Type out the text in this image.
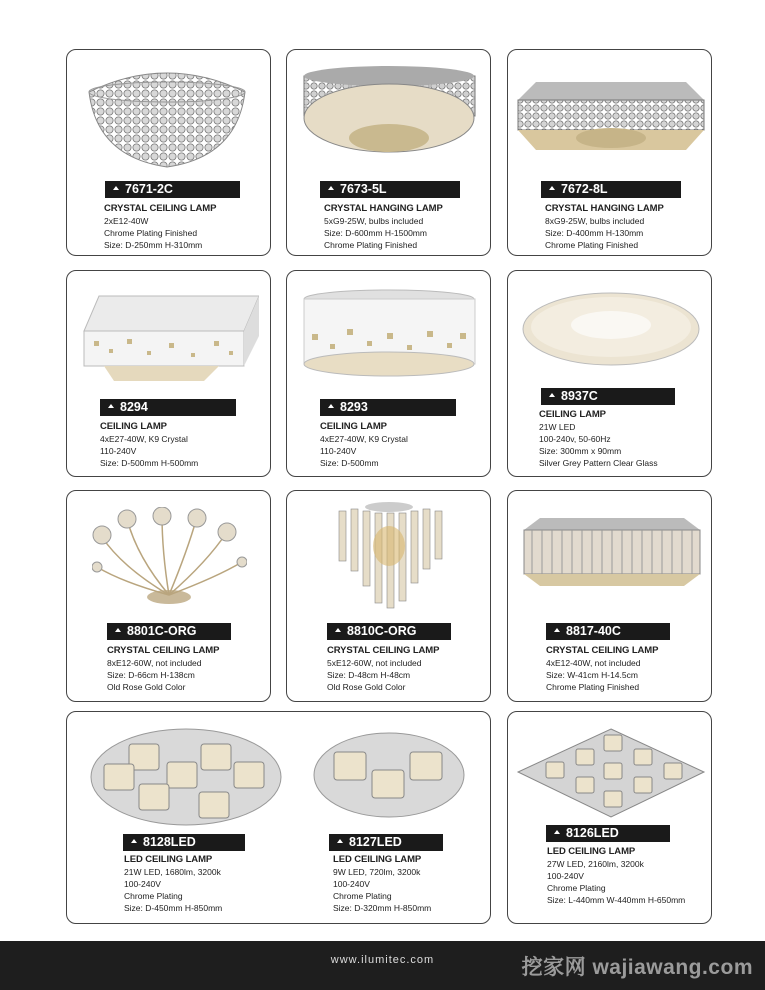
7671-2C
CRYSTAL CEILING LAMP
2xE12-40W
Chrome Plating Finished
Size: D-250mm H-310mm
7673-5L
CRYSTAL HANGING LAMP
5xG9-25W, bulbs included
Size: D-600mm H-1500mm
Chrome Plating Finished
7672-8L
CRYSTAL HANGING LAMP
8xG9-25W, bulbs included
Size: D-400mm H-130mm
Chrome Plating Finished
8294
CEILING LAMP
4xE27-40W, K9 Crystal
110-240V
Size: D-500mm H-500mm
8293
CEILING LAMP
4xE27-40W, K9 Crystal
110-240V
Size: D-500mm
8937C
CEILING LAMP
21W LED
100-240v, 50-60Hz
Size: 300mm x 90mm
Silver Grey Pattern Clear Glass
8801C-ORG
CRYSTAL CEILING LAMP
8xE12-60W, not included
Size: D-66cm H-138cm
Old Rose Gold Color
8810C-ORG
CRYSTAL CEILING LAMP
5xE12-60W, not included
Size: D-48cm H-48cm
Old Rose Gold Color
8817-40C
CRYSTAL CEILING LAMP
4xE12-40W, not included
Size: W-41cm H-14.5cm
Chrome Plating Finished
8128LED
LED CEILING LAMP
21W LED, 1680lm, 3200k
100-240V
Chrome Plating
Size: D-450mm H-850mm
8127LED
LED CEILING LAMP
9W LED, 720lm, 3200k
100-240V
Chrome Plating
Size: D-320mm H-850mm
8126LED
LED CEILING LAMP
27W LED, 2160lm, 3200k
100-240V
Chrome Plating
Size: L-440mm W-440mm H-650mm
www.ilumitec.com	挖家网 wajiawang.com
